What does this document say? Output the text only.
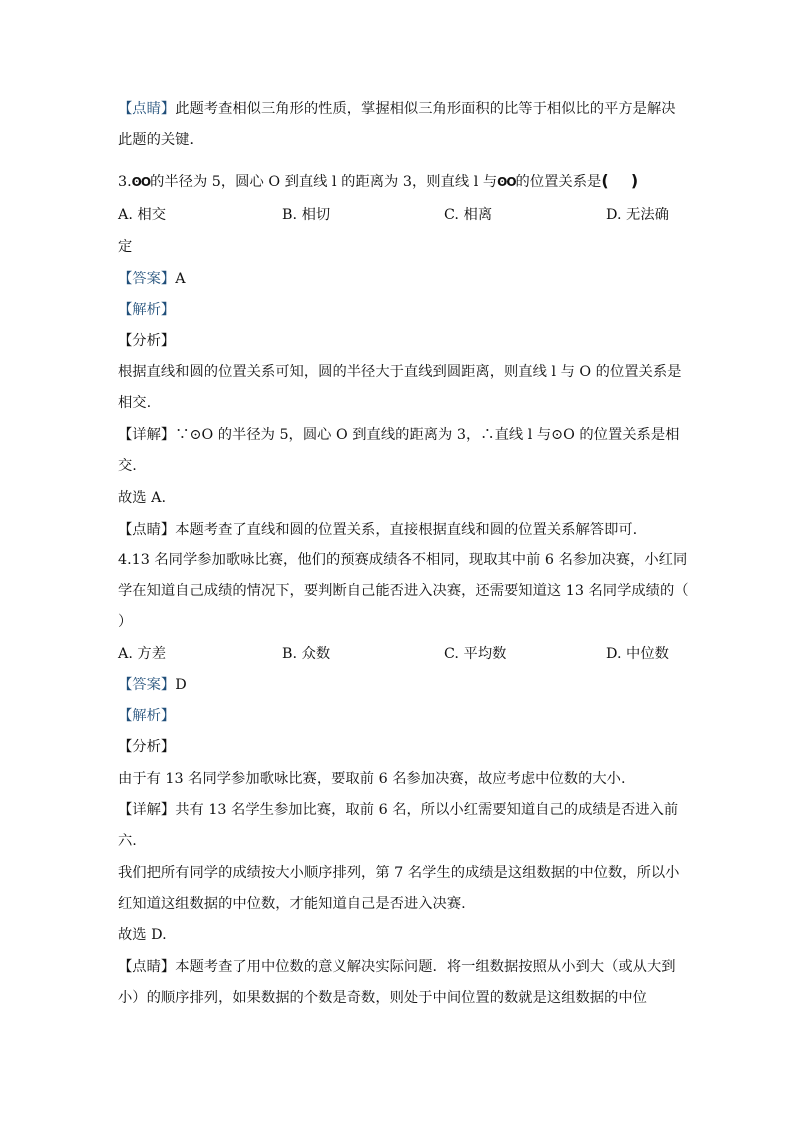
【点睛】此题考查相似三角形的性质，掌握相似三角形面积的比等于相似比的平方是解决
此题的关键．
3.ʘO的半径为 5，圆心 O 到直线 l 的距离为 3，则直线 l 与ʘO的位置关系是(    )
A. 相交	B. 相切	C. 相离	D. 无法确
定
【答案】A
【解析】
【分析】
根据直线和圆的位置关系可知，圆的半径大于直线到圆距离，则直线 l 与 O 的位置关系是
相交.
【详解】∵⊙O 的半径为 5，圆心 O 到直线的距离为 3，∴直线 l 与⊙O 的位置关系是相
交.
故选 A.
【点睛】本题考查了直线和圆的位置关系，直接根据直线和圆的位置关系解答即可.
4.13 名同学参加歌咏比赛，他们的预赛成绩各不相同，现取其中前 6 名参加决赛，小红同
学在知道自己成绩的情况下，要判断自己能否进入决赛，还需要知道这 13 名同学成绩的（
）
A. 方差	B. 众数	C. 平均数	D. 中位数
【答案】D
【解析】
【分析】
由于有 13 名同学参加歌咏比赛，要取前 6 名参加决赛，故应考虑中位数的大小.
【详解】共有 13 名学生参加比赛，取前 6 名，所以小红需要知道自己的成绩是否进入前
六.
我们把所有同学的成绩按大小顺序排列，第 7 名学生的成绩是这组数据的中位数，所以小
红知道这组数据的中位数，才能知道自己是否进入决赛.
故选 D.
【点睛】本题考查了用中位数的意义解决实际问题．将一组数据按照从小到大（或从大到
小）的顺序排列，如果数据的个数是奇数，则处于中间位置的数就是这组数据的中位
